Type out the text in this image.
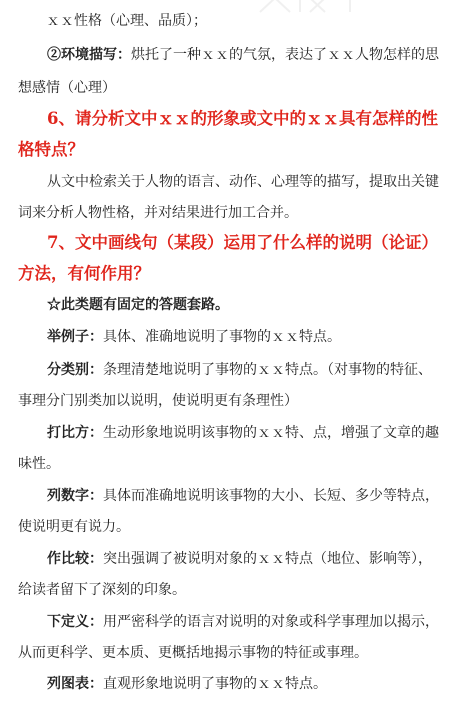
ｘｘ性格（心理、品质）；
②环境描写：烘托了一种ｘｘ的气氛，表达了ｘｘ人物怎样的思
想感情（心理）
6、请分析文中ｘｘ的形象或文中的ｘｘ具有怎样的性
格特点？
从文中检索关于人物的语言、动作、心理等的描写，提取出关键
词来分析人物性格，并对结果进行加工合并。
7、文中画线句（某段）运用了什么样的说明（论证）
方法，有何作用？
☆此类题有固定的答题套路。
举例子：具体、准确地说明了事物的ｘｘ特点。
分类别：条理清楚地说明了事物的ｘｘ特点。（对事物的特征、
事理分门别类加以说明，使说明更有条理性）
打比方：生动形象地说明该事物的ｘｘ特、点，增强了文章的趣
味性。
列数字：具体而准确地说明该事物的大小、长短、多少等特点，
使说明更有说力。
作比较：突出强调了被说明对象的ｘｘ特点（地位、影响等），
给读者留下了深刻的印象。
下定义：用严密科学的语言对说明的对象或科学事理加以揭示，
从而更科学、更本质、更概括地揭示事物的特征或事理。
列图表：直观形象地说明了事物的ｘｘ特点。
